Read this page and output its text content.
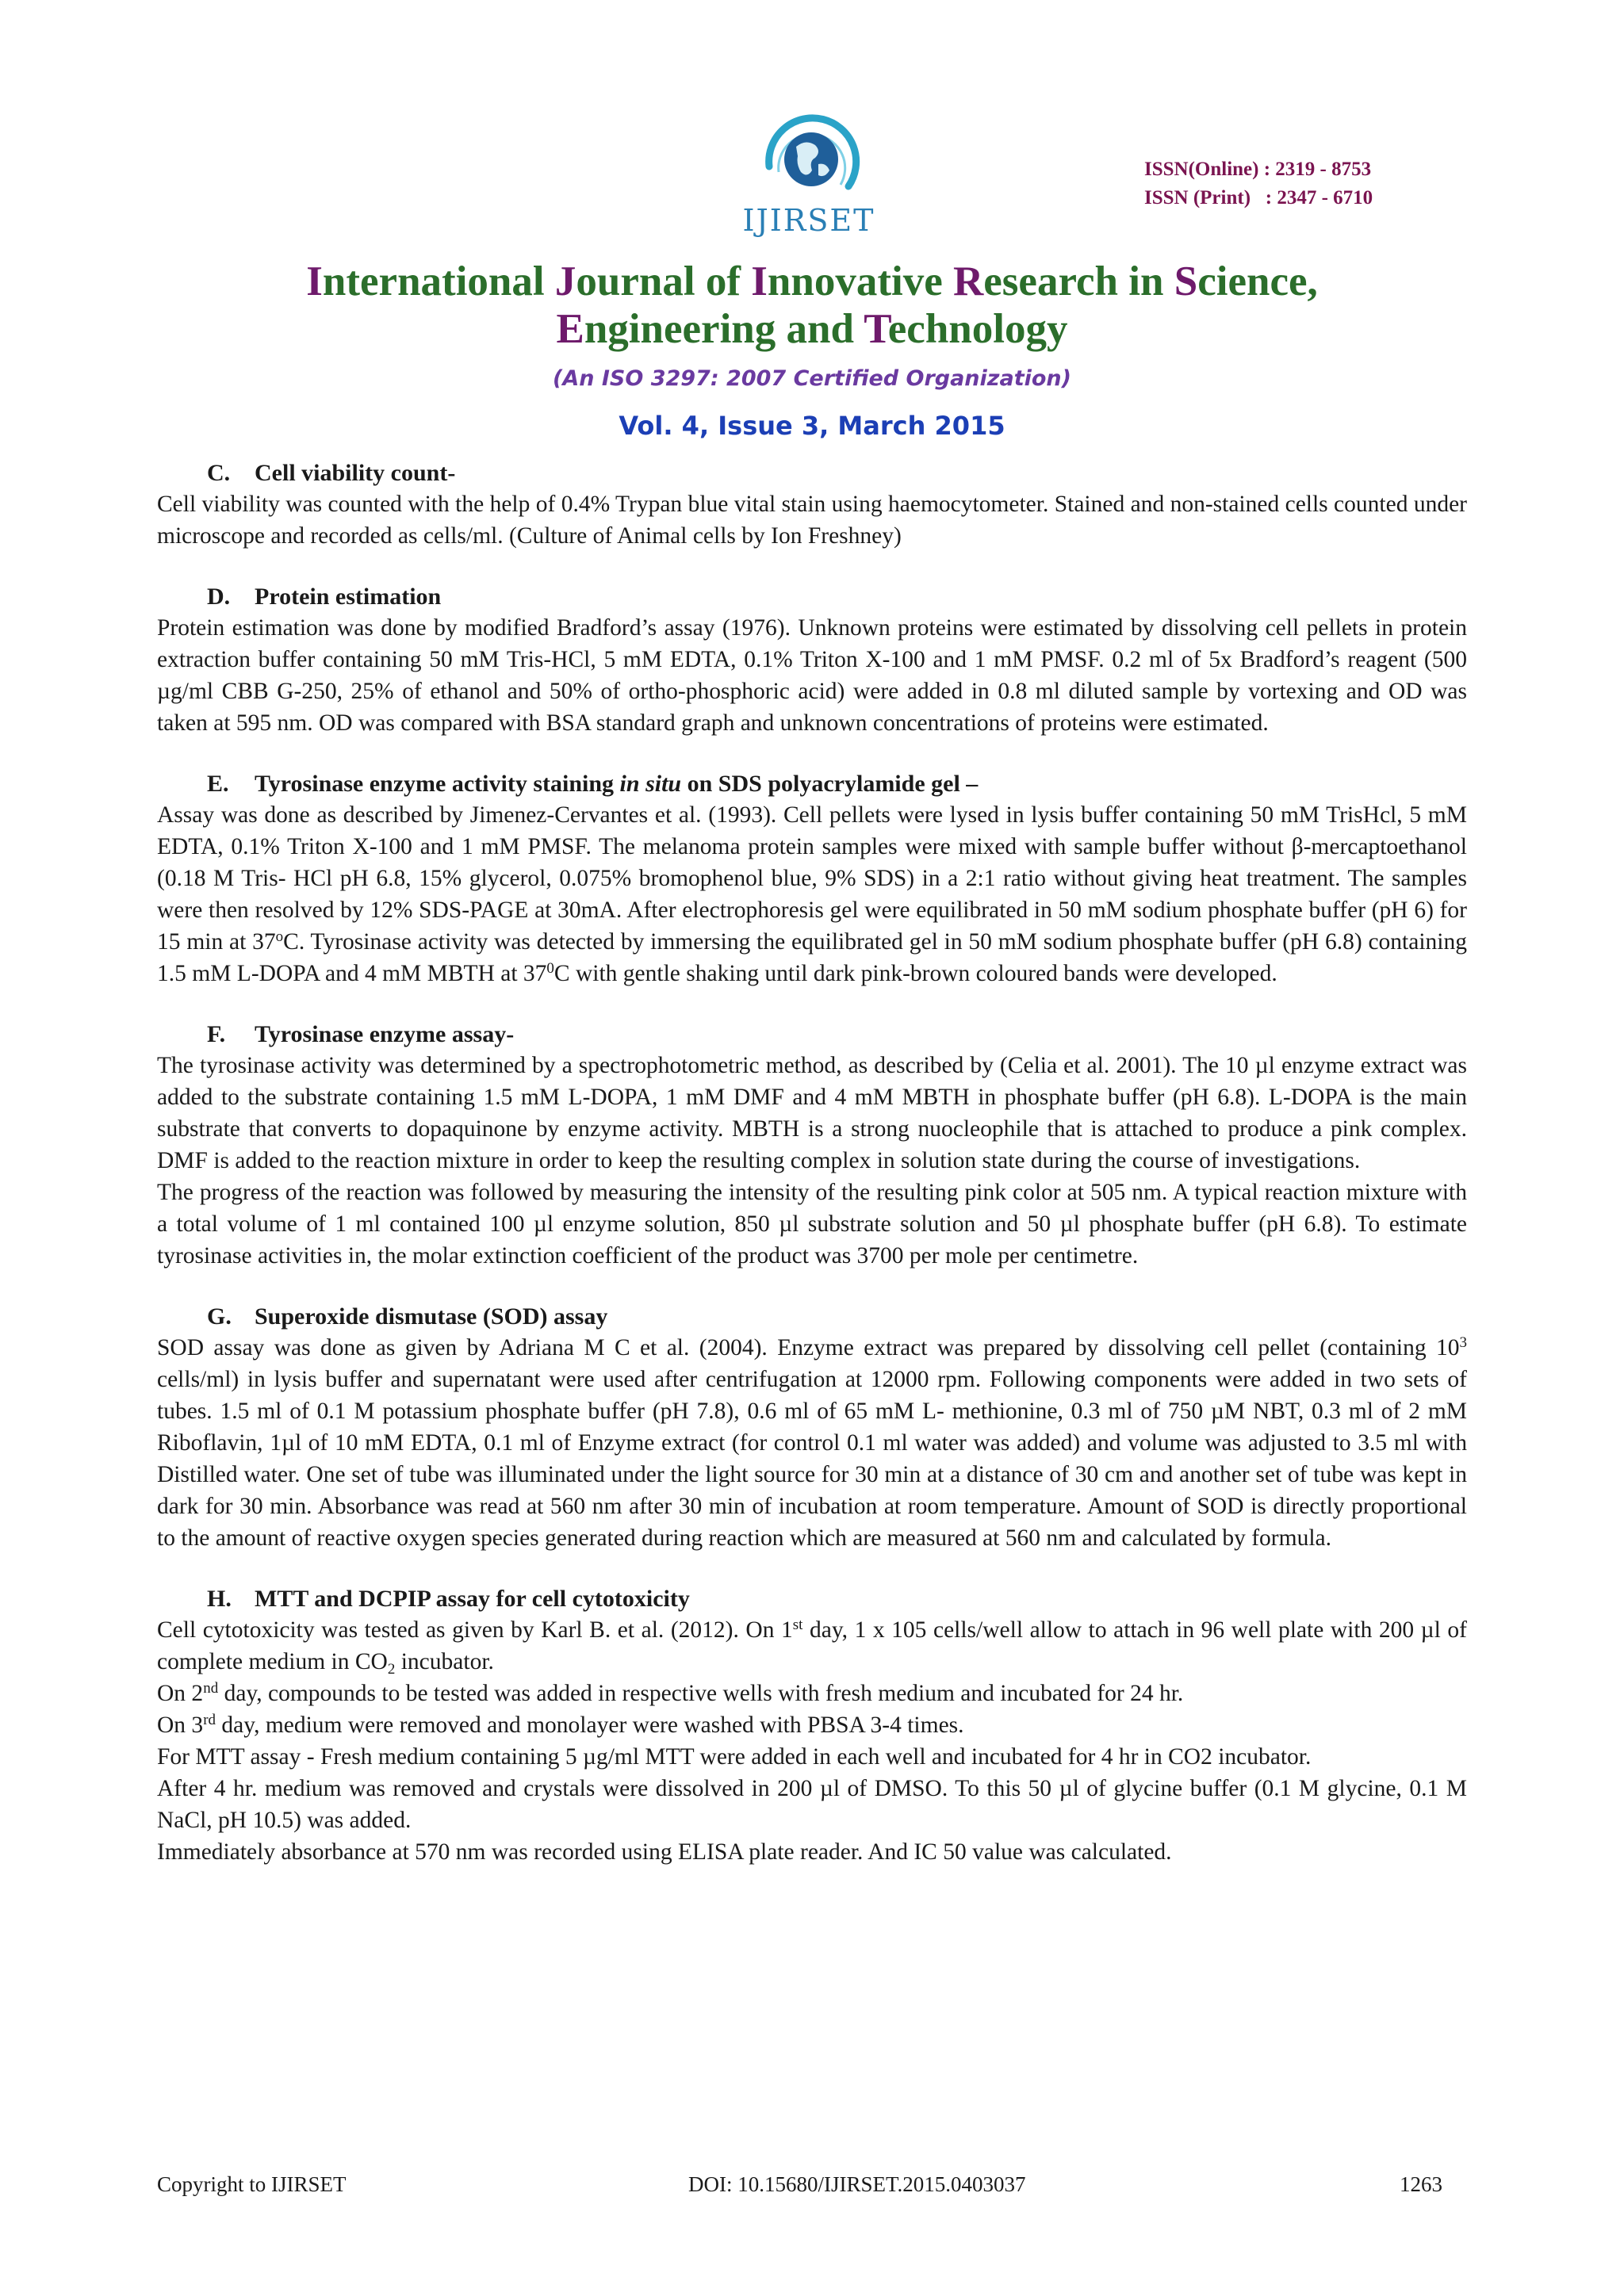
IJIRSET
ISSN(Online) : 2319 - 8753
ISSN (Print)   : 2347 - 6710
International Journal of Innovative Research in Science,
Engineering and Technology
(An ISO 3297: 2007 Certified Organization)
Vol. 4, Issue 3, March 2015
C. Cell viability count-

Cell viability was counted with the help of 0.4% Trypan blue vital stain using haemocytometer. Stained and non-stained cells counted under microscope and recorded as cells/ml. (Culture of Animal cells by Ion Freshney)

D. Protein estimation

Protein estimation was done by modified Bradford’s assay (1976). Unknown proteins were estimated by dissolving cell pellets in protein extraction buffer containing 50 mM Tris-HCl, 5 mM EDTA, 0.1% Triton X-100 and 1 mM PMSF. 0.2 ml of 5x Bradford’s reagent (500 µg/ml CBB G-250, 25% of ethanol and 50% of ortho-phosphoric acid) were added in 0.8 ml diluted sample by vortexing and OD was taken at 595 nm. OD was compared with BSA standard graph and unknown concentrations of proteins were estimated.

E. Tyrosinase enzyme activity staining in situ on SDS polyacrylamide gel –

Assay was done as described by Jimenez-Cervantes et al. (1993). Cell pellets were lysed in lysis buffer containing 50 mM TrisHcl, 5 mM EDTA, 0.1% Triton X-100 and 1 mM PMSF. The melanoma protein samples were mixed with sample buffer without β-mercaptoethanol (0.18 M Tris- HCl pH 6.8, 15% glycerol, 0.075% bromophenol blue, 9% SDS) in a 2:1 ratio without giving heat treatment. The samples were then resolved by 12% SDS-PAGE at 30mA. After electrophoresis gel were equilibrated in 50 mM sodium phosphate buffer (pH 6) for 15 min at 37$^o$C. Tyrosinase activity was detected by immersing the equilibrated gel in 50 mM sodium phosphate buffer (pH 6.8) containing 1.5 mM L-DOPA and 4 mM MBTH at $37^0C$ with gentle shaking until dark pink-brown coloured bands were developed.

F. Tyrosinase enzyme assay-

The tyrosinase activity was determined by a spectrophotometric method, as described by (Celia et al. 2001). The 10 µl enzyme extract was added to the substrate containing 1.5 mM L-DOPA, 1 mM DMF and 4 mM MBTH in phosphate buffer (pH 6.8). L-DOPA is the main substrate that converts to dopaquinone by enzyme activity. MBTH is a strong nuocleophile that is attached to produce a pink complex. DMF is added to the reaction mixture in order to keep the resulting complex in solution state during the course of investigations.

The progress of the reaction was followed by measuring the intensity of the resulting pink color at 505 nm. A typical reaction mixture with a total volume of 1 ml contained 100 µl enzyme solution, 850 µl substrate solution and 50 µl phosphate buffer (pH 6.8). To estimate tyrosinase activities in, the molar extinction coefficient of the product was 3700 per mole per centimetre.

G. Superoxide dismutase (SOD) assay

SOD assay was done as given by Adriana M C et al. (2004). Enzyme extract was prepared by dissolving cell pellet (containing $10^3$ cells/ml) in lysis buffer and supernatant were used after centrifugation at 12000 rpm. Following components were added in two sets of tubes. 1.5 ml of 0.1 M potassium phosphate buffer (pH 7.8), 0.6 ml of 65 mM L- methionine, 0.3 ml of 750 µM NBT, 0.3 ml of 2 mM Riboflavin, 1µl of 10 mM EDTA, 0.1 ml of Enzyme extract (for control 0.1 ml water was added) and volume was adjusted to 3.5 ml with Distilled water. One set of tube was illuminated under the light source for 30 min at a distance of 30 cm and another set of tube was kept in dark for 30 min. Absorbance was read at 560 nm after 30 min of incubation at room temperature. Amount of SOD is directly proportional to the amount of reactive oxygen species generated during reaction which are measured at 560 nm and calculated by formula.

H. MTT and DCPIP assay for cell cytotoxicity

Cell cytotoxicity was tested as given by Karl B. et al. (2012). On 1st day, 1 x 105 cells/well allow to attach in 96 well plate with 200 µl of complete medium in $CO_2$ incubator.

On 2nd day, compounds to be tested was added in respective wells with fresh medium and incubated for 24 hr.

On 3rd day, medium were removed and monolayer were washed with PBSA 3-4 times.

For MTT assay - Fresh medium containing 5 µg/ml MTT were added in each well and incubated for 4 hr in CO2 incubator.

After 4 hr. medium was removed and crystals were dissolved in 200 µl of DMSO. To this 50 µl of glycine buffer (0.1 M glycine, 0.1 M NaCl, pH 10.5) was added.

Immediately absorbance at 570 nm was recorded using ELISA plate reader. And IC 50 value was calculated.

Copyright to IJIRSET	DOI: 10.15680/IJIRSET.2015.0403037	1263
